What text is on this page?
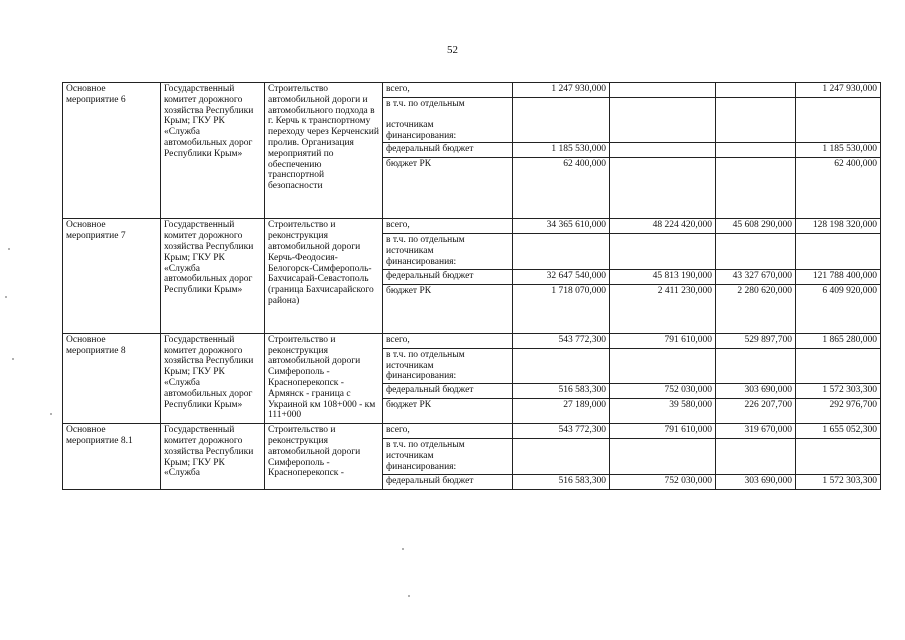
52
Основное мероприятие 6	Государственный комитет дорожного хозяйства Республики Крым; ГКУ РК «Служба автомобильных дорог Республики Крым»	Строительство автомобильной дороги и автомобильного подхода в г. Керчь к транспортному переходу через Керченский пролив. Организация мероприятий по обеспечению транспортной безопасности	всего,	1 247 930,000			1 247 930,000
			в т.ч. по отдельным
источникам
финансирования:				
			федеральный бюджет	1 185 530,000			1 185 530,000
			бюджет РК	62 400,000			62 400,000
Основное мероприятие 7	Государственный комитет дорожного хозяйства Республики Крым; ГКУ РК «Служба автомобильных дорог Республики Крым»	Строительство и реконструкция автомобильной дороги Керчь-Феодосия-Белогорск-Симферополь-Бахчисарай-Севастополь (граница Бахчисарайского района)	всего,	34 365 610,000	48 224 420,000	45 608 290,000	128 198 320,000
			в т.ч. по отдельным
источникам
финансирования:				
			федеральный бюджет	32 647 540,000	45 813 190,000	43 327 670,000	121 788 400,000
			бюджет РК	1 718 070,000	2 411 230,000	2 280 620,000	6 409 920,000
Основное мероприятие 8	Государственный комитет дорожного хозяйства Республики Крым; ГКУ РК «Служба автомобильных дорог Республики Крым»	Строительство и реконструкция автомобильной дороги Симферополь - Красноперекопск - Армянск - граница с Украиной км 108+000 - км 111+000	всего,	543 772,300	791 610,000	529 897,700	1 865 280,000
			в т.ч. по отдельным
источникам
финансирования:				
			федеральный бюджет	516 583,300	752 030,000	303 690,000	1 572 303,300
			бюджет РК	27 189,000	39 580,000	226 207,700	292 976,700
Основное мероприятие 8.1	Государственный комитет дорожного хозяйства Республики Крым; ГКУ РК «Служба	Строительство и реконструкция автомобильной дороги Симферополь - Красноперекопск -	всего,	543 772,300	791 610,000	319 670,000	1 655 052,300
			в т.ч. по отдельным
источникам
финансирования:				
			федеральный бюджет	516 583,300	752 030,000	303 690,000	1 572 303,300
